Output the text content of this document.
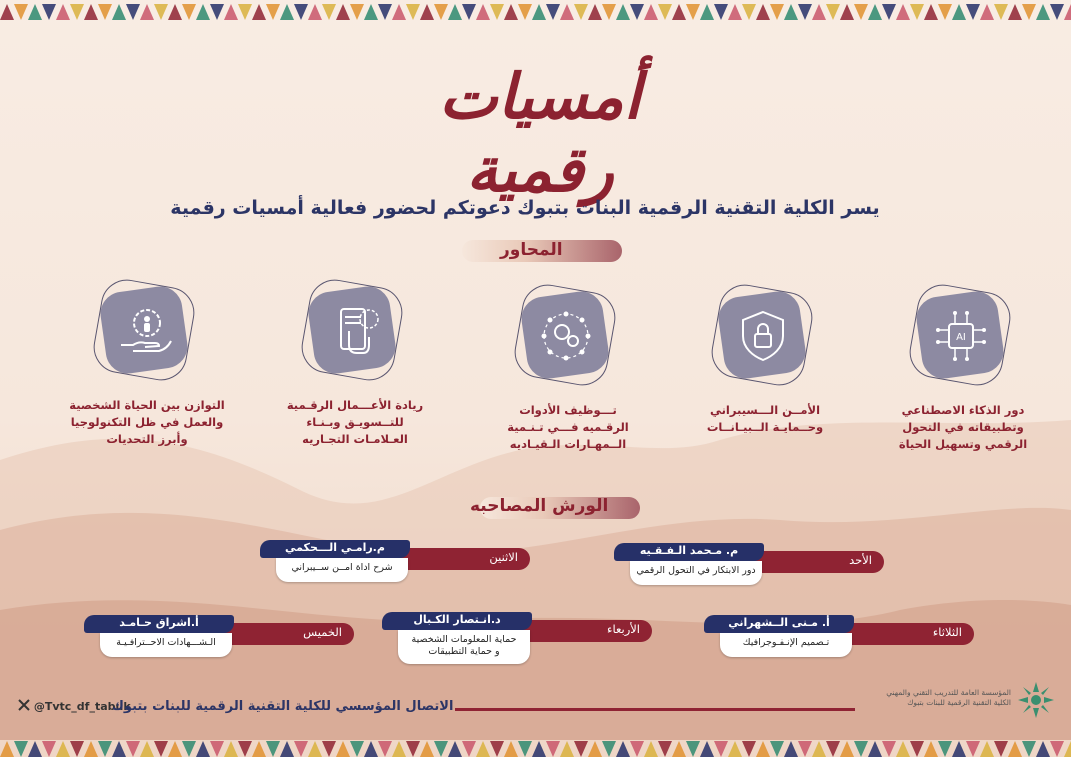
أمسيات رقمية
يسر الكلية التقنية الرقمية البنات بتبوك دعوتكم لحضور فعالية أمسيات رقمية
المحاور
AI
دور الذكاء الاصطناعي
وتطبيقاته في التحول
الرقمي وتسهيل الحياة
الأمــن الـــسيبراني
وحــمايـة الــبيـانــات
تـــوظيف الأدوات
الرقـميه فـــي تـنـمية
الــمهـارات الـقيـاديه
ريادة الأعـــمال الرقـمية
للتــسويـق وبـنـاء
العـلامـات التجـاريه
التوازن بين الحياة الشخصية
والعمل في ظل التكنولوجيا
وأبرز التحديات
الورش المصاحبه
الأحد
دور الابتكار في التحول الرقمي
م. مـحمد الـفـقـيه
الاثنين
شرح اداة امــن ســيبراني
م.رامـي الـــحكمي
الثلاثاء
تـصميم الإنـفـوجرافيك
أ. مـنى الــشهراني
الأربعاء
حماية المعلومات الشخصية
و حماية التطبيقات
د.انـتصار الكـبال
الخميس
الـشـــهادات الاحــترافـيـة
أ.اشراق حـامـد
@Tvtc_df_tabuk
الاتصال المؤسسي للكلية التقنية الرقمية للبنات بتبوك
المؤسسة العامة للتدريب التقني والمهني
الكلية التقنية الرقمية للبنات بتبوك
